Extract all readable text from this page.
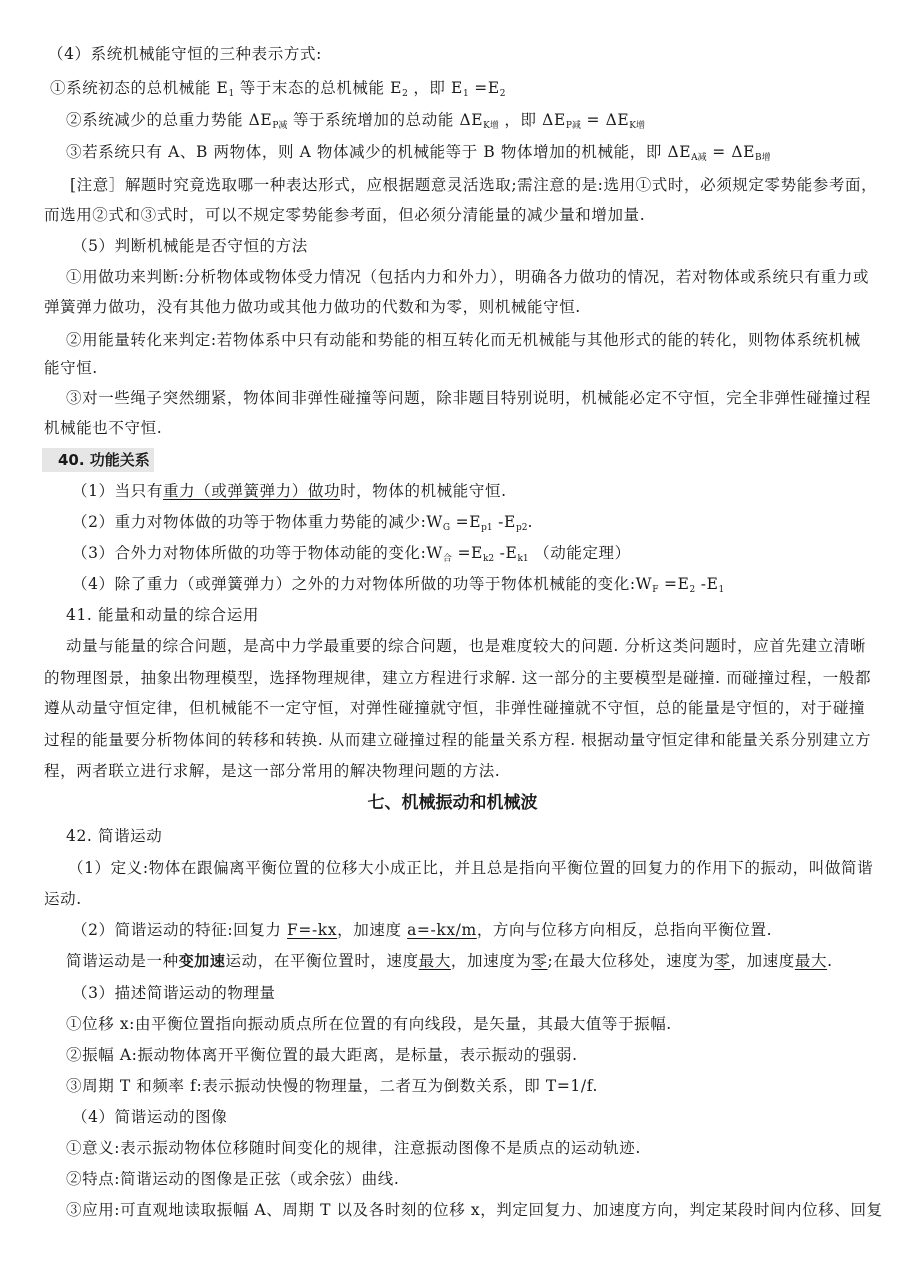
（4）系统机械能守恒的三种表示方式:
①系统初态的总机械能 $E_1$ 等于末态的总机械能 $E_2$ ，即 $E_1 =E_2$
②系统减少的总重力势能 $\Delta E_{P减}$ 等于系统增加的总动能 $\Delta E_{K增}$ ，即 $\Delta E_{P减} = \Delta E_{K增}$
③若系统只有 A、B 两物体，则 A 物体减少的机械能等于 B 物体增加的机械能，即 $\Delta E_{A减} = \Delta E_{B增}$
[注意］解题时究竟选取哪一种表达形式，应根据题意灵活选取;需注意的是:选用①式时，必须规定零势能参考面，
而选用②式和③式时，可以不规定零势能参考面，但必须分清能量的减少量和增加量.
（5）判断机械能是否守恒的方法
①用做功来判断:分析物体或物体受力情况（包括内力和外力），明确各力做功的情况，若对物体或系统只有重力或
弹簧弹力做功，没有其他力做功或其他力做功的代数和为零，则机械能守恒.
②用能量转化来判定:若物体系中只有动能和势能的相互转化而无机械能与其他形式的能的转化，则物体系统机械
能守恒.
③对一些绳子突然绷紧，物体间非弹性碰撞等问题，除非题目特别说明，机械能必定不守恒，完全非弹性碰撞过程
机械能也不守恒.
40. 功能关系
（1）当只有重力（或弹簧弹力）做功时，物体的机械能守恒.
（2）重力对物体做的功等于物体重力势能的减少$:W_G =E_{p1}$ $-E_{p2}$.
（3）合外力对物体所做的功等于物体动能的变化$:W_合 =E_{k2}$ $-E_{k1}$ （动能定理）
（4）除了重力（或弹簧弹力）之外的力对物体所做的功等于物体机械能的变化$:W_F =E_2$ $-E_1$
41. 能量和动量的综合运用
动量与能量的综合问题，是高中力学最重要的综合问题，也是难度较大的问题. 分析这类问题时，应首先建立清晰
的物理图景，抽象出物理模型，选择物理规律，建立方程进行求解. 这一部分的主要模型是碰撞. 而碰撞过程，一般都
遵从动量守恒定律，但机械能不一定守恒，对弹性碰撞就守恒，非弹性碰撞就不守恒，总的能量是守恒的，对于碰撞
过程的能量要分析物体间的转移和转换. 从而建立碰撞过程的能量关系方程. 根据动量守恒定律和能量关系分别建立方
程，两者联立进行求解，是这一部分常用的解决物理问题的方法.
七、机械振动和机械波
42. 简谐运动
（1）定义:物体在跟偏离平衡位置的位移大小成正比，并且总是指向平衡位置的回复力的作用下的振动，叫做简谐
运动.
（2）简谐运动的特征:回复力 F=-kx，加速度 a=-kx/m，方向与位移方向相反，总指向平衡位置.
简谐运动是一种变加速运动，在平衡位置时，速度最大，加速度为零;在最大位移处，速度为零，加速度最大.
（3）描述简谐运动的物理量
①位移 x:由平衡位置指向振动质点所在位置的有向线段，是矢量，其最大值等于振幅.
②振幅 A:振动物体离开平衡位置的最大距离，是标量，表示振动的强弱.
③周期 T 和频率 f:表示振动快慢的物理量，二者互为倒数关系，即 T=1/f.
（4）简谐运动的图像
①意义:表示振动物体位移随时间变化的规律，注意振动图像不是质点的运动轨迹.
②特点:简谐运动的图像是正弦（或余弦）曲线.
③应用:可直观地读取振幅 A、周期 T 以及各时刻的位移 x，判定回复力、加速度方向，判定某段时间内位移、回复
